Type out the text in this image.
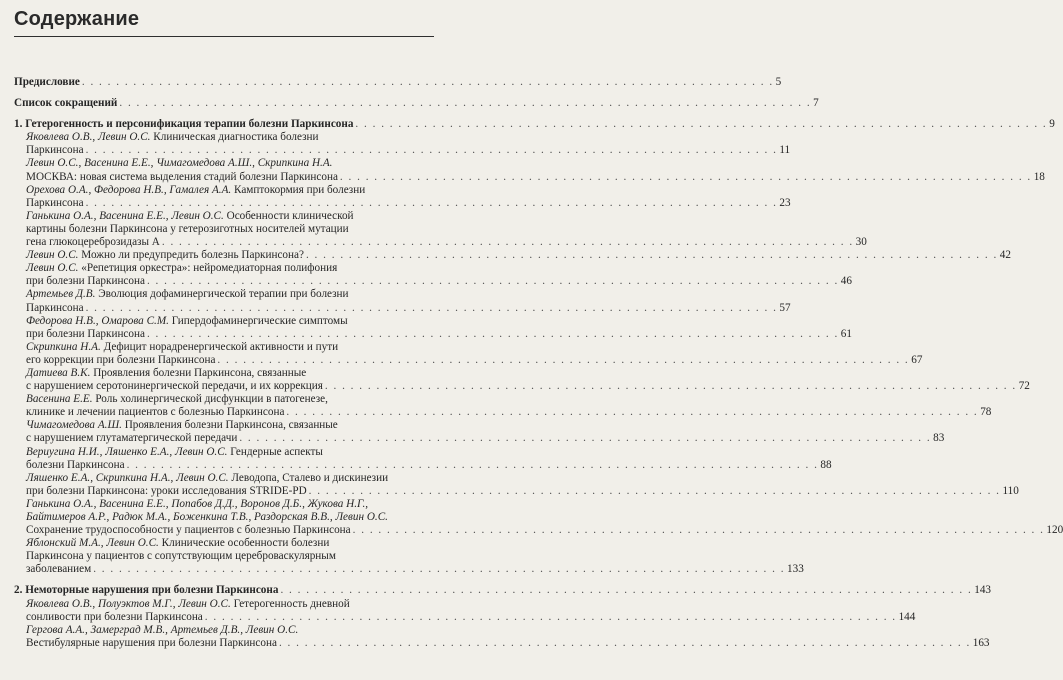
Содержание
Предисловие . . . . . . . . . . . . . . . . . . . . . . . . . . . . . . . . . . . . . . . . . . . . . . . . . . . . . . . . . . . . . . . . . . . . . . . . . . . . . . . . . 5
Список сокращений . . . . . . . . . . . . . . . . . . . . . . . . . . . . . . . . . . . . . . . . . . . . . . . . . . . . . . . . . . . . . . . . . . . . . . . . . . . . . . . . . 7
1. Гетерогенность и персонификация терапии болезни Паркинсона . . . . . . . . . . . . . . . . . . . . . . . . . . . . . . . . . . . . . . . . . . . . . . . . . . . . . . . . . . . . . . . . . . . . . . . . . . . . . . . . . 9
Яковлева О.В., Левин О.С. Клиническая диагностика болезни
Паркинсона . . . . . . . . . . . . . . . . . . . . . . . . . . . . . . . . . . . . . . . . . . . . . . . . . . . . . . . . . . . . . . . . . . . . . . . . . . . . . . . . . 11
Левин О.С., Васенина Е.Е., Чимагомедова А.Ш., Скрипкина Н.А.
МОСКВА: новая система выделения стадий болезни Паркинсона . . . . . . . . . . . . . . . . . . . . . . . . . . . . . . . . . . . . . . . . . . . . . . . . . . . . . . . . . . . . . . . . . . . . . . . . . . . . . . . . . 18
Орехова О.А., Федорова Н.В., Гамалея А.А. Камптокормия при болезни
Паркинсона . . . . . . . . . . . . . . . . . . . . . . . . . . . . . . . . . . . . . . . . . . . . . . . . . . . . . . . . . . . . . . . . . . . . . . . . . . . . . . . . . 23
Ганькина О.А., Васенина Е.Е., Левин О.С. Особенности клинической
картины болезни Паркинсона у гетерозиготных носителей мутации
гена глюкоцереброзидазы А . . . . . . . . . . . . . . . . . . . . . . . . . . . . . . . . . . . . . . . . . . . . . . . . . . . . . . . . . . . . . . . . . . . . . . . . . . . . . . . . . 30
Левин О.С. Можно ли предупредить болезнь Паркинсона? . . . . . . . . . . . . . . . . . . . . . . . . . . . . . . . . . . . . . . . . . . . . . . . . . . . . . . . . . . . . . . . . . . . . . . . . . . . . . . . . . 42
Левин О.С. «Репетиция оркестра»: нейромедиаторная полифония
при болезни Паркинсона . . . . . . . . . . . . . . . . . . . . . . . . . . . . . . . . . . . . . . . . . . . . . . . . . . . . . . . . . . . . . . . . . . . . . . . . . . . . . . . . . 46
Артемьев Д.В. Эволюция дофаминергической терапии при болезни
Паркинсона . . . . . . . . . . . . . . . . . . . . . . . . . . . . . . . . . . . . . . . . . . . . . . . . . . . . . . . . . . . . . . . . . . . . . . . . . . . . . . . . . 57
Федорова Н.В., Омарова С.М. Гипердофаминергические симптомы
при болезни Паркинсона . . . . . . . . . . . . . . . . . . . . . . . . . . . . . . . . . . . . . . . . . . . . . . . . . . . . . . . . . . . . . . . . . . . . . . . . . . . . . . . . . 61
Скрипкина Н.А. Дефицит норадренергической активности и пути
его коррекции при болезни Паркинсона . . . . . . . . . . . . . . . . . . . . . . . . . . . . . . . . . . . . . . . . . . . . . . . . . . . . . . . . . . . . . . . . . . . . . . . . . . . . . . . . . 67
Датиева В.К. Проявления болезни Паркинсона, связанные
с нарушением серотонинергической передачи, и их коррекция . . . . . . . . . . . . . . . . . . . . . . . . . . . . . . . . . . . . . . . . . . . . . . . . . . . . . . . . . . . . . . . . . . . . . . . . . . . . . . . . . 72
Васенина Е.Е. Роль холинергической дисфункции в патогенезе,
клинике и лечении пациентов с болезнью Паркинсона . . . . . . . . . . . . . . . . . . . . . . . . . . . . . . . . . . . . . . . . . . . . . . . . . . . . . . . . . . . . . . . . . . . . . . . . . . . . . . . . . 78
Чимагомедова А.Ш. Проявления болезни Паркинсона, связанные
с нарушением глутаматергической передачи . . . . . . . . . . . . . . . . . . . . . . . . . . . . . . . . . . . . . . . . . . . . . . . . . . . . . . . . . . . . . . . . . . . . . . . . . . . . . . . . . 83
Вериугина Н.И., Ляшенко Е.А., Левин О.С. Гендерные аспекты
болезни Паркинсона . . . . . . . . . . . . . . . . . . . . . . . . . . . . . . . . . . . . . . . . . . . . . . . . . . . . . . . . . . . . . . . . . . . . . . . . . . . . . . . . . 88
Ляшенко Е.А., Скрипкина Н.А., Левин О.С. Леводопа, Сталево и дискинезии
при болезни Паркинсона: уроки исследования STRIDE-PD . . . . . . . . . . . . . . . . . . . . . . . . . . . . . . . . . . . . . . . . . . . . . . . . . . . . . . . . . . . . . . . . . . . . . . . . . . . . . . . . . 110
Ганькина О.А., Васенина Е.Е., Попабов Д.Д., Воронов Д.Б., Жукова Н.Г.,
Байтимеров А.Р., Радюк М.А., Боженкина Т.В., Раздорская В.В., Левин О.С.
Сохранение трудоспособности у пациентов с болезнью Паркинсона . . . . . . . . . . . . . . . . . . . . . . . . . . . . . . . . . . . . . . . . . . . . . . . . . . . . . . . . . . . . . . . . . . . . . . . . . . . . . . . . . 120
Яблонский М.А., Левин О.С. Клинические особенности болезни
Паркинсона у пациентов с сопутствующим цереброваскулярным
заболеванием . . . . . . . . . . . . . . . . . . . . . . . . . . . . . . . . . . . . . . . . . . . . . . . . . . . . . . . . . . . . . . . . . . . . . . . . . . . . . . . . . 133
2. Немоторные нарушения при болезни Паркинсона . . . . . . . . . . . . . . . . . . . . . . . . . . . . . . . . . . . . . . . . . . . . . . . . . . . . . . . . . . . . . . . . . . . . . . . . . . . . . . . . . 143
Яковлева О.В., Полуэктов М.Г., Левин О.С. Гетерогенность дневной
сонливости при болезни Паркинсона . . . . . . . . . . . . . . . . . . . . . . . . . . . . . . . . . . . . . . . . . . . . . . . . . . . . . . . . . . . . . . . . . . . . . . . . . . . . . . . . . 144
Гергова А.А., Замерград М.В., Артемьев Д.В., Левин О.С.
Вестибулярные нарушения при болезни Паркинсона . . . . . . . . . . . . . . . . . . . . . . . . . . . . . . . . . . . . . . . . . . . . . . . . . . . . . . . . . . . . . . . . . . . . . . . . . . . . . . . . . 163
